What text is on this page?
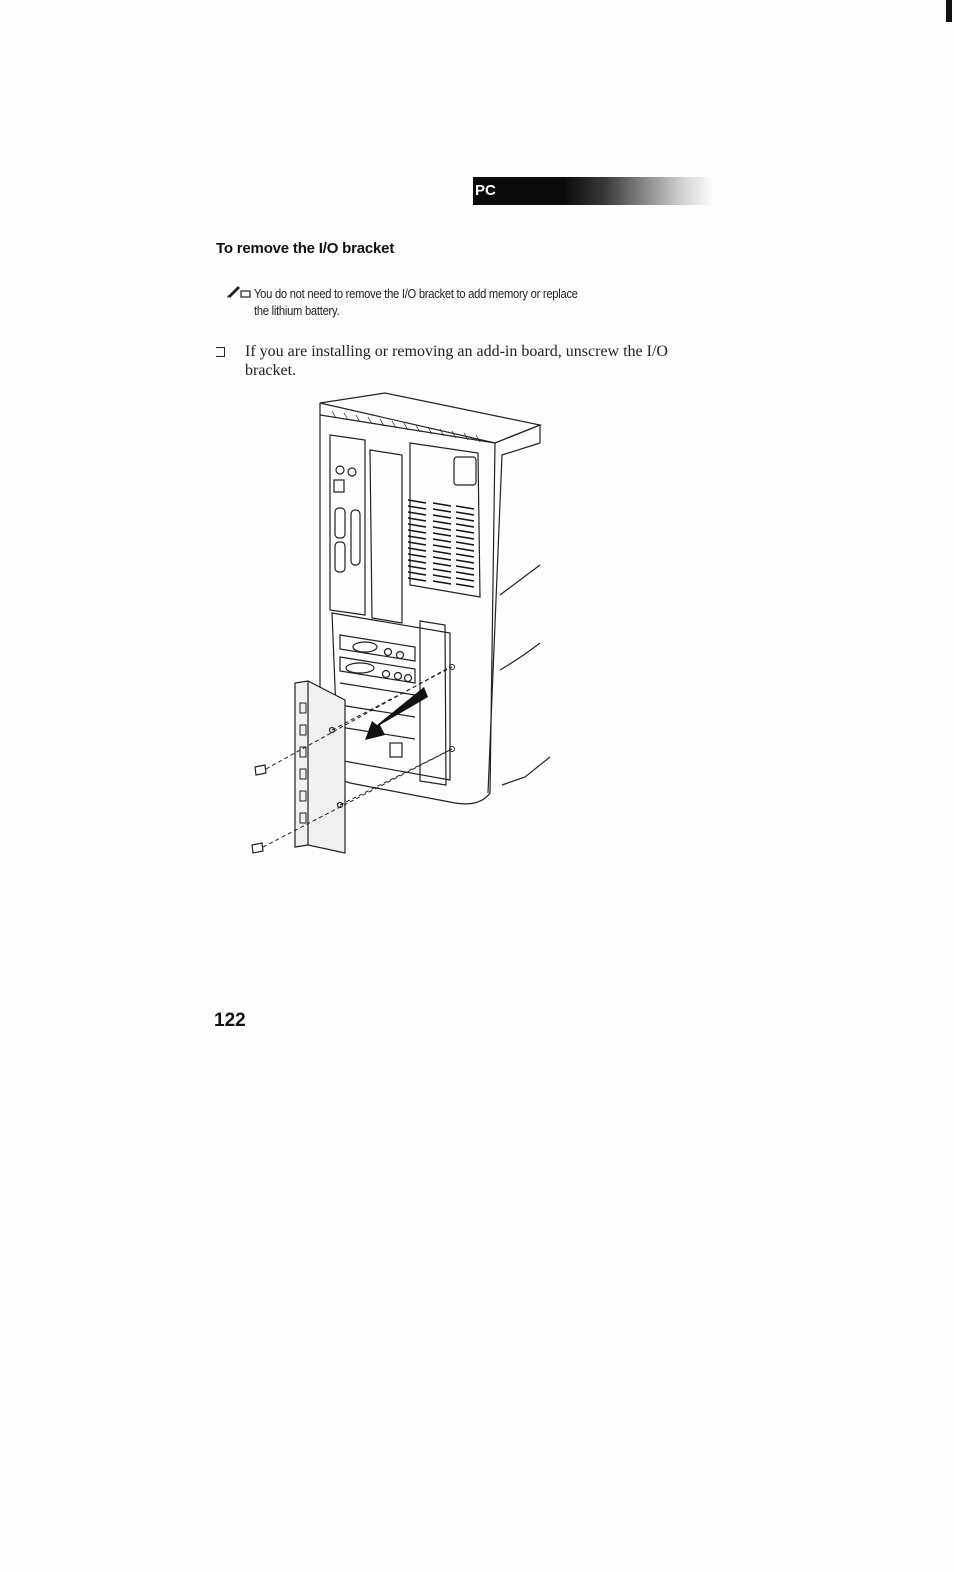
PC
To remove the I/O bracket
You do not need to remove the I/O bracket to add memory or replace the lithium battery.
If you are installing or removing an add-in board, unscrew the I/O bracket.
122
